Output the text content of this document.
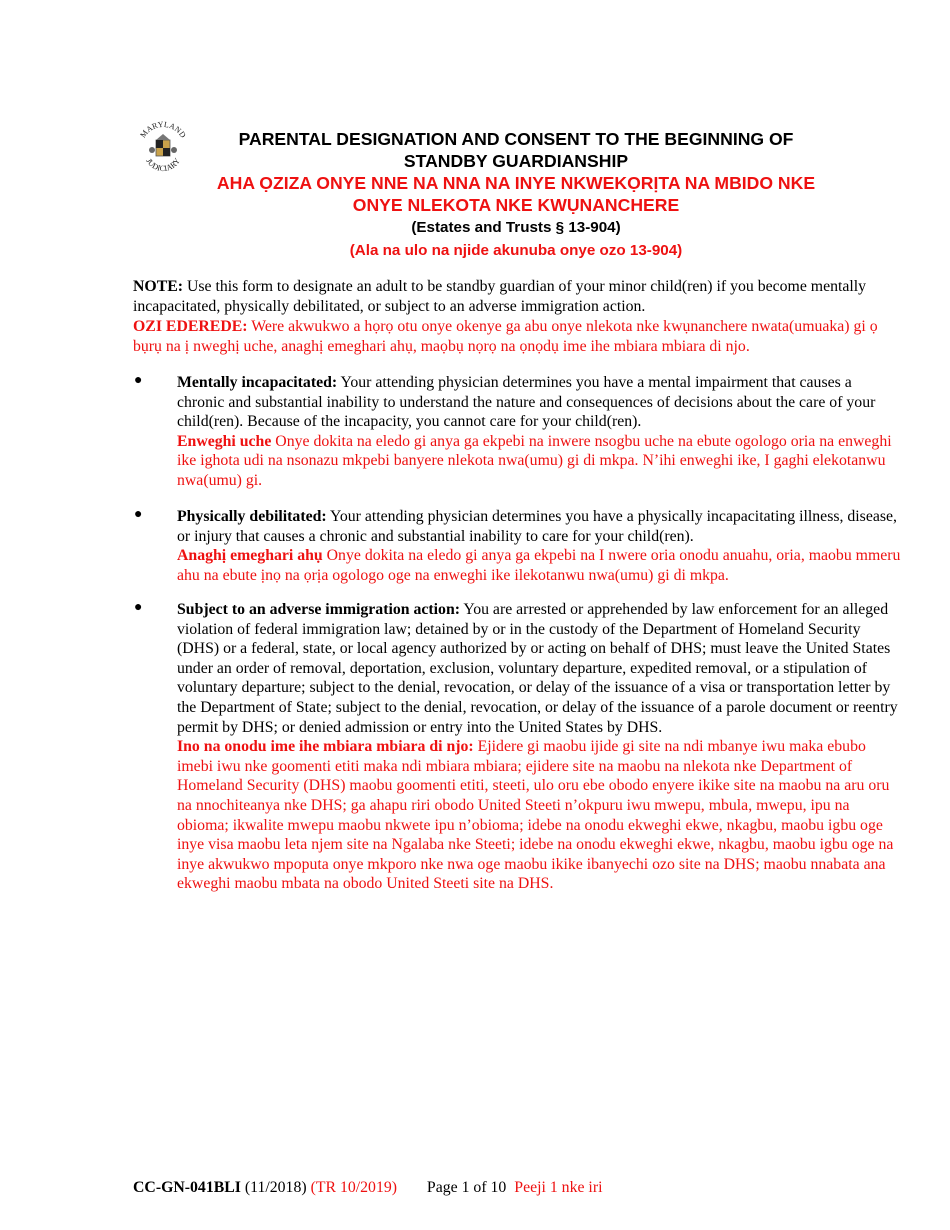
MARYLAND
JUDICIARY
PARENTAL DESIGNATION AND CONSENT TO THE BEGINNING OF
STANDBY GUARDIANSHIP
AHA ỌZIZA ONYE NNE NA NNA NA INYE NKWEKỌRỊTA NA MBIDO NKE
ONYE NLEKOTA NKE KWỤNANCHERE
(Estates and Trusts § 13-904)
(Ala na ulo na njide akunuba onye ozo 13-904)
NOTE: Use this form to designate an adult to be standby guardian of your minor child(ren) if you become mentally incapacitated, physically debilitated, or subject to an adverse immigration action.
OZI EDEREDE: Were akwukwo a họrọ otu onye okenye ga abu onye nlekota nke kwụnanchere nwata(umuaka) gi ọ bụrụ na ị nweghị uche, anaghị emeghari ahụ, maọbụ nọrọ na ọnọdụ ime ihe mbiara mbiara di njo.
● Mentally incapacitated: Your attending physician determines you have a mental impairment that causes a chronic and substantial inability to understand the nature and consequences of decisions about the care of your child(ren). Because of the incapacity, you cannot care for your child(ren).
Enweghi uche Onye dokita na eledo gi anya ga ekpebi na inwere nsogbu uche na ebute ogologo oria na enweghi ike ighota udi na nsonazu mkpebi banyere nlekota nwa(umu) gi di mkpa. N’ihi enweghi ike, I gaghi elekotanwu nwa(umu) gi.
● Physically debilitated: Your attending physician determines you have a physically incapacitating illness, disease, or injury that causes a chronic and substantial inability to care for your child(ren).
Anaghị emeghari ahụ Onye dokita na eledo gi anya ga ekpebi na I nwere oria onodu anuahu, oria, maobu mmeru ahu na ebute ịnọ na ọrịa ogologo oge na enweghi ike ilekotanwu nwa(umu) gi di mkpa.
● Subject to an adverse immigration action: You are arrested or apprehended by law enforcement for an alleged violation of federal immigration law; detained by or in the custody of the Department of Homeland Security (DHS) or a federal, state, or local agency authorized by or acting on behalf of DHS; must leave the United States under an order of removal, deportation, exclusion, voluntary departure, expedited removal, or a stipulation of voluntary departure; subject to the denial, revocation, or delay of the issuance of a visa or transportation letter by the Department of State; subject to the denial, revocation, or delay of the issuance of a parole document or reentry permit by DHS; or denied admission or entry into the United States by DHS.
Ino na onodu ime ihe mbiara mbiara di njo: Ejidere gi maobu ijide gi site na ndi mbanye iwu maka ebubo imebi iwu nke goomenti etiti maka ndi mbiara mbiara; ejidere site na maobu na nlekota nke Department of Homeland Security (DHS) maobu goomenti etiti, steeti, ulo oru ebe obodo enyere ikike site na maobu na aru oru na nnochiteanya nke DHS; ga ahapu riri obodo United Steeti n’okpuru iwu mwepu, mbula, mwepu, ipu na obioma; ikwalite mwepu maobu nkwete ipu n’obioma; idebe na onodu ekweghi ekwe, nkagbu, maobu igbu oge inye visa maobu leta njem site na Ngalaba nke Steeti; idebe na onodu ekweghi ekwe, nkagbu, maobu igbu oge na inye akwukwo mpoputa onye mkporo nke nwa oge maobu ikike ibanyechi ozo site na DHS; maobu nnabata ana ekweghi maobu mbata na obodo United Steeti site na DHS.
CC-GN-041BLI (11/2018) (TR 10/2019) Page 1 of 10 Peeji 1 nke iri
